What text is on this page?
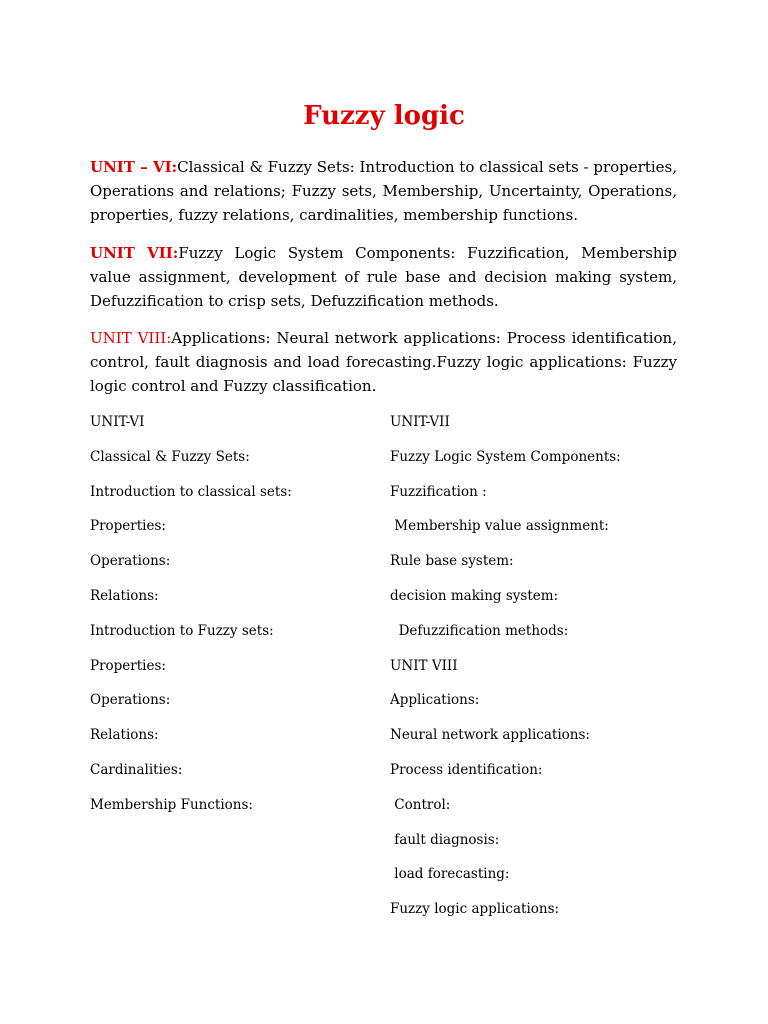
Fuzzy logic

UNIT – VI:Classical & Fuzzy Sets: Introduction to classical sets - properties, Operations and relations; Fuzzy sets, Membership, Uncertainty, Operations, properties, fuzzy relations, cardinalities, membership functions.

UNIT VII:Fuzzy Logic System Components: Fuzzification, Membership value assignment, development of rule base and decision making system, Defuzzification to crisp sets, Defuzzification methods.

UNIT VIII:Applications: Neural network applications: Process identification, control, fault diagnosis and load forecasting.Fuzzy logic applications: Fuzzy logic control and Fuzzy classification.

UNIT-VI
Classical & Fuzzy Sets:
Introduction to classical sets:
Properties:
Operations:
Relations:
Introduction to Fuzzy sets:
Properties:
Operations:
Relations:
Cardinalities:
Membership Functions:
UNIT-VII
Fuzzy Logic System Components:
Fuzzification :
Membership value assignment:
Rule base system:
decision making system:
Defuzzification methods:
UNIT VIII
Applications:
Neural network applications:
Process identification:
Control:
fault diagnosis:
load forecasting:
Fuzzy logic applications:
